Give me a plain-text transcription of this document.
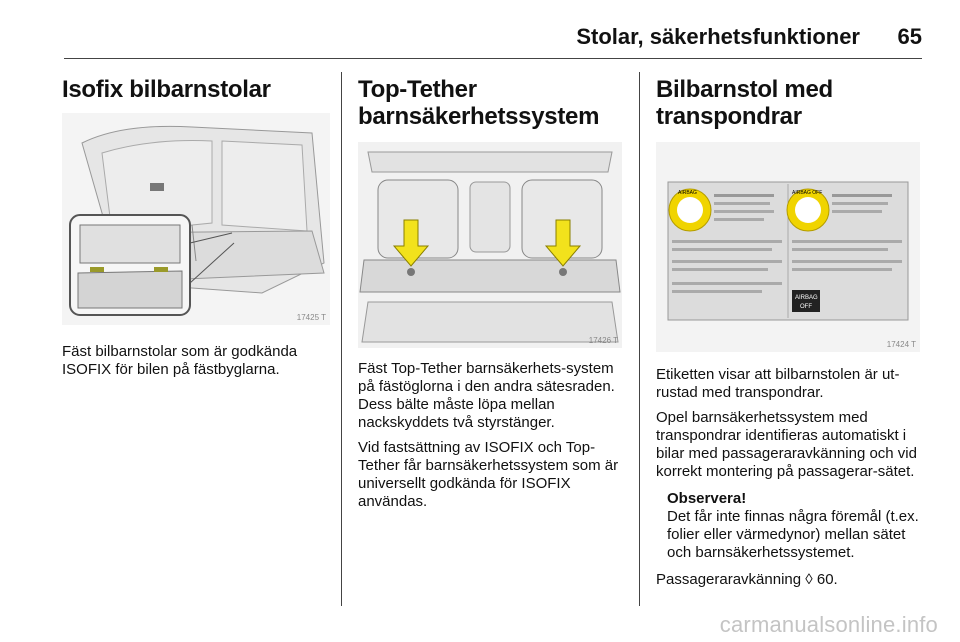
Stolar, säkerhetsfunktioner 65
Isofix bilbarnstolar
17425 T

Fäst bilbarnstolar som är godkända ISOFIX för bilen på fästbyglarna.

Top-Tether
barnsäkerhetssystem
17426 T

Fäst Top-Tether barnsäkerhets-system på fästöglorna i den andra sätesraden. Dess bälte måste löpa mellan nackskyddets två styrstänger.

Vid fastsättning av ISOFIX och Top-Tether får barnsäkerhetssystem som är universellt godkända för ISOFIX användas.

Bilbarnstol med
transpondrar
AIRBAG	AIRBAG OFF
AIRBAG
OFF
17424 T

Etiketten visar att bilbarnstolen är ut-rustad med transpondrar.

Opel barnsäkerhetssystem med transpondrar identifieras automatiskt i bilar med passageraravkänning och vid korrekt montering på passagerar-sätet.

Observera!

Det får inte finnas några föremål (t.ex. folier eller värmedynor) mellan sätet och barnsäkerhetssystemet.

Passageraravkänning ◊ 60.

carmanualsonline.info
